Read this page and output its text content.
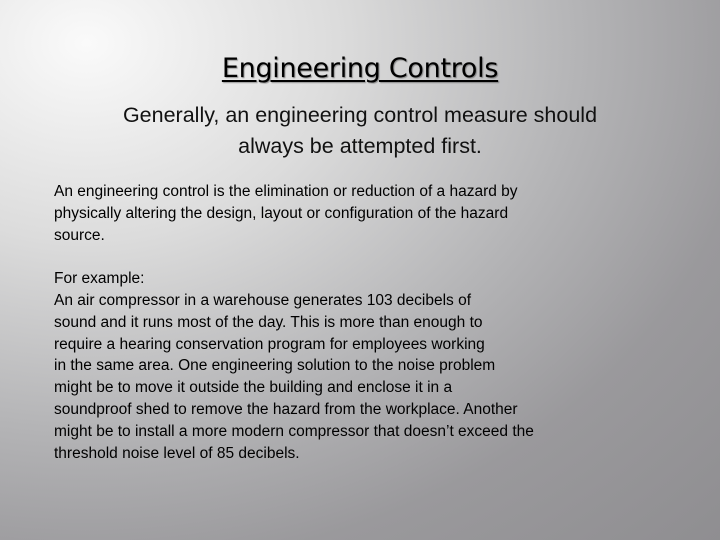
Engineering Controls
Generally, an engineering control measure should
always be attempted first.
An engineering control is the elimination or reduction of a hazard by
physically altering the design, layout or configuration of the hazard
source.
For example:
An air compressor in a warehouse generates 103 decibels of
sound and it runs most of the day. This is more than enough to
require a hearing conservation program for employees working
in the same area. One engineering solution to the noise problem
might be to move it outside the building and enclose it in a
soundproof shed to remove the hazard from the workplace. Another
might be to install a more modern compressor that doesn’t exceed the
threshold noise level of 85 decibels.
